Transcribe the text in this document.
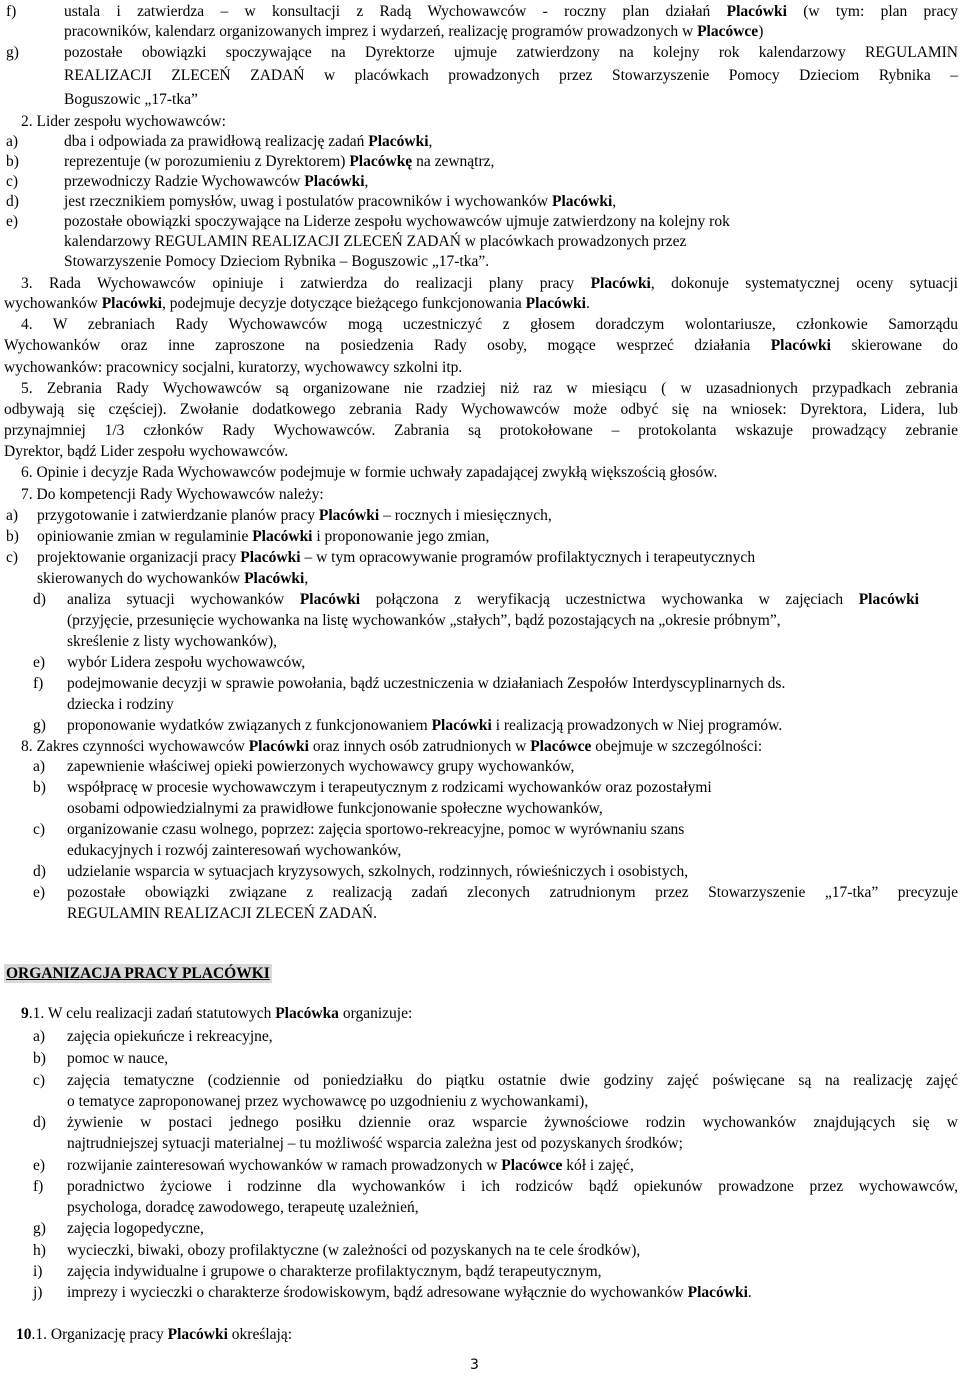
f)	ustala i zatwierdza – w konsultacji z Radą Wychowawców - roczny plan działań Placówki (w tym: plan pracy
pracowników, kalendarz organizowanych imprez i wydarzeń, realizację programów prowadzonych w Placówce)
g)	pozostałe obowiązki spoczywające na Dyrektorze ujmuje zatwierdzony na kolejny rok kalendarzowy REGULAMIN
REALIZACJI ZLECEŃ ZADAŃ w placówkach prowadzonych przez Stowarzyszenie Pomocy Dzieciom Rybnika –
Boguszowic „17-tka”
2. Lider zespołu wychowawców:
a)	dba i odpowiada za prawidłową realizację zadań Placówki,
b)	reprezentuje (w porozumieniu z Dyrektorem) Placówkę na zewnątrz,
c)	przewodniczy Radzie Wychowawców Placówki,
d)	jest rzecznikiem pomysłów, uwag i postulatów pracowników i wychowanków Placówki,
e)	pozostałe obowiązki spoczywające na Liderze zespołu wychowawców ujmuje zatwierdzony na kolejny rok
kalendarzowy REGULAMIN REALIZACJI ZLECEŃ ZADAŃ w placówkach prowadzonych przez
Stowarzyszenie Pomocy Dzieciom Rybnika – Boguszowic „17-tka”.
3. Rada Wychowawców opiniuje i zatwierdza do realizacji plany pracy Placówki, dokonuje systematycznej oceny sytuacji
wychowanków Placówki, podejmuje decyzje dotyczące bieżącego funkcjonowania Placówki.
4. W zebraniach Rady Wychowawców mogą uczestniczyć z głosem doradczym wolontariusze, członkowie Samorządu
Wychowanków oraz inne zaproszone na posiedzenia Rady osoby, mogące wesprzeć działania Placówki skierowane do
wychowanków: pracownicy socjalni, kuratorzy, wychowawcy szkolni itp.
5. Zebrania Rady Wychowawców są organizowane nie rzadziej niż raz w miesiącu ( w uzasadnionych przypadkach zebrania
odbywają się częściej). Zwołanie dodatkowego zebrania Rady Wychowawców może odbyć się na wniosek: Dyrektora, Lidera, lub
przynajmniej 1/3 członków Rady Wychowawców. Zabrania są protokołowane – protokolanta wskazuje prowadzący zebranie
Dyrektor, bądź Lider zespołu wychowawców.
6. Opinie i decyzje Rada Wychowawców podejmuje w formie uchwały zapadającej zwykłą większością głosów.
7. Do kompetencji Rady Wychowawców należy:
a) przygotowanie i zatwierdzanie planów pracy Placówki – rocznych i miesięcznych,
b) opiniowanie zmian w regulaminie Placówki i proponowanie jego zmian,
c) projektowanie organizacji pracy Placówki – w tym opracowywanie programów profilaktycznych i terapeutycznych
skierowanych do wychowanków Placówki,
d) analiza sytuacji wychowanków Placówki połączona z weryfikacją uczestnictwa wychowanka w zajęciach Placówki
(przyjęcie, przesunięcie wychowanka na listę wychowanków „stałych”, bądź pozostających na „okresie próbnym”,
skreślenie z listy wychowanków),
e) wybór Lidera zespołu wychowawców,
f) podejmowanie decyzji w sprawie powołania, bądź uczestniczenia w działaniach Zespołów Interdyscyplinarnych ds.
dziecka i rodziny
g) proponowanie wydatków związanych z funkcjonowaniem Placówki i realizacją prowadzonych w Niej programów.
8. Zakres czynności wychowawców Placówki oraz innych osób zatrudnionych w Placówce obejmuje w szczególności:
a) zapewnienie właściwej opieki powierzonych wychowawcy grupy wychowanków,
b) współpracę w procesie wychowawczym i terapeutycznym z rodzicami wychowanków oraz pozostałymi
osobami odpowiedzialnymi za prawidłowe funkcjonowanie społeczne wychowanków,
c) organizowanie czasu wolnego, poprzez: zajęcia sportowo-rekreacyjne, pomoc w wyrównaniu szans
edukacyjnych i rozwój zainteresowań wychowanków,
d) udzielanie wsparcia w sytuacjach kryzysowych, szkolnych, rodzinnych, rówieśniczych i osobistych,
e) pozostałe obowiązki związane z realizacją zadań zleconych zatrudnionym przez Stowarzyszenie „17-tka” precyzuje
REGULAMIN REALIZACJI ZLECEŃ ZADAŃ.
9.1. W celu realizacji zadań statutowych Placówka organizuje:
a) zajęcia opiekuńcze i rekreacyjne,
b) pomoc w nauce,
c) zajęcia tematyczne (codziennie od poniedziałku do piątku ostatnie dwie godziny zajęć poświęcane są na realizację zajęć
o tematyce zaproponowanej przez wychowawcę po uzgodnieniu z wychowankami),
d) żywienie w postaci jednego posiłku dziennie oraz wsparcie żywnościowe rodzin wychowanków znajdujących się w
najtrudniejszej sytuacji materialnej – tu możliwość wsparcia zależna jest od pozyskanych środków;
e) rozwijanie zainteresowań wychowanków w ramach prowadzonych w Placówce kół i zajęć,
f) poradnictwo życiowe i rodzinne dla wychowanków i ich rodziców bądź opiekunów prowadzone przez wychowawców,
psychologa, doradcę zawodowego, terapeutę uzależnień,
g) zajęcia logopedyczne,
h) wycieczki, biwaki, obozy profilaktyczne (w zależności od pozyskanych na te cele środków),
i) zajęcia indywidualne i grupowe o charakterze profilaktycznym, bądź terapeutycznym,
j) imprezy i wycieczki o charakterze środowiskowym, bądź adresowane wyłącznie do wychowanków Placówki.
10.1. Organizację pracy Placówki określają:
ORGANIZACJA PRACY PLACÓWKI
3
